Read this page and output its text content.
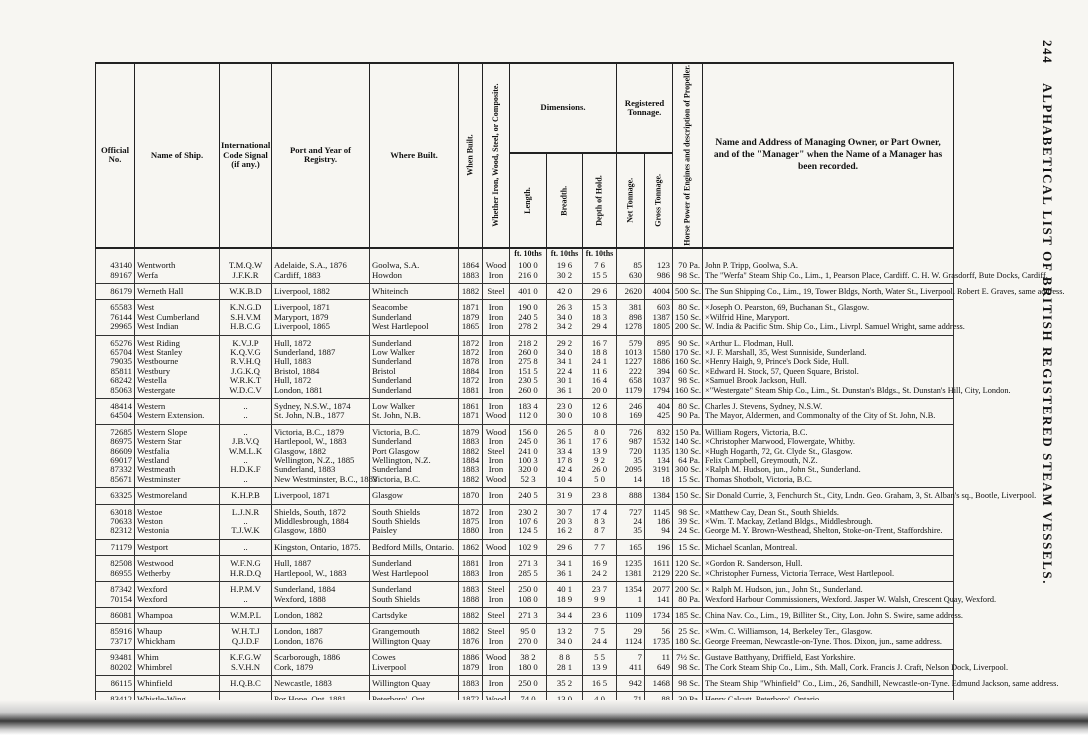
244 ALPHABETICAL LIST OF BRITISH REGISTERED STEAM VESSELS.
Official No.	Name of Ship.	International Code Signal (if any.)	Port and Year of Registry.	Where Built.	When Built.	Whether Iron, Wood, Steel, or Composite.	Dimensions.			Registered Tonnage.		Horse Power of Engines and description of Propeller.	Name and Address of Managing Owner, or Part Owner, and of the "Manager" when the Name of a Manager has been recorded.
							Length.	Breadth.	Depth of Hold.	Net Tonnage.	Gross Tonnage.		
							ft. 10ths	ft. 10ths	ft. 10ths				
43140	Wentworth	T.M.Q.W	Adelaide, S.A., 1876	Goolwa, S.A.	1864	Wood	100 0	19 6	7 6	85	123	70 Pa.	John P. Tripp, Goolwa, S.A.
89167	Werfa	J.F.K.R	Cardiff, 1883	Howdon	1883	Iron	216 0	30 2	15 5	630	986	98 Sc.	The "Werfa" Steam Ship Co., Lim., 1, Pearson Place, Cardiff. C. H. W. Grasdorff, Bute Docks, Cardiff.
86179	Werneth Hall	W.K.B.D	Liverpool, 1882	Whiteinch	1882	Steel	401 0	42 0	29 6	2620	4004	500 Sc.	The Sun Shipping Co., Lim., 19, Tower Bldgs, North, Water St., Liverpool. Robert E. Graves, same address.
65583	West	K.N.G.D	Liverpool, 1871	Seacombe	1871	Iron	190 0	26 3	15 3	381	603	80 Sc.	×Joseph O. Pearston, 69, Buchanan St., Glasgow.
76144	West Cumberland	S.H.V.M	Maryport, 1879	Sunderland	1879	Iron	240 5	34 0	18 3	898	1387	150 Sc.	×Wilfrid Hine, Maryport.
29965	West Indian	H.B.C.G	Liverpool, 1865	West Hartlepool	1865	Iron	278 2	34 2	29 4	1278	1805	200 Sc.	W. India & Pacific Stm. Ship Co., Lim., Livrpl. Samuel Wright, same address.
65276	West Riding	K.V.J.P	Hull, 1872	Sunderland	1872	Iron	218 2	29 2	16 7	579	895	90 Sc.	×Arthur L. Flodman, Hull.
65704	West Stanley	K.Q.V.G	Sunderland, 1887	Low Walker	1872	Iron	260 0	34 0	18 8	1013	1580	170 Sc.	×J. F. Marshall, 35, West Sunniside, Sunderland.
79035	Westbourne	R.V.H.Q	Hull, 1883	Sunderland	1878	Iron	275 8	34 1	24 1	1227	1886	160 Sc.	×Henry Haigh, 9, Prince's Dock Side, Hull.
85811	Westbury	J.G.K.Q	Bristol, 1884	Bristol	1884	Iron	151 5	22 4	11 6	222	394	60 Sc.	×Edward H. Stock, 57, Queen Square, Bristol.
68242	Westella	W.R.K.T	Hull, 1872	Sunderland	1872	Iron	230 5	30 1	16 4	658	1037	98 Sc.	×Samuel Brook Jackson, Hull.
85063	Westergate	W.D.C.V	London, 1881	Sunderland	1881	Iron	260 0	36 1	20 0	1179	1794	160 Sc.	×"Westergate" Steam Ship Co., Lim., St. Dunstan's Bldgs., St. Dunstan's Hill, City, London.
48414	Western	..	Sydney, N.S.W., 1874	Low Walker	1861	Iron	183 4	23 0	12 6	246	404	80 Sc.	Charles J. Stevens, Sydney, N.S.W.
64504	Western Extension.	..	St. John, N.B., 1877	St. John, N.B.	1871	Wood	112 0	30 0	10 8	169	425	90 Pa.	The Mayor, Aldermen, and Commonalty of the City of St. John, N.B.
72685	Western Slope	..	Victoria, B.C., 1879	Victoria, B.C.	1879	Wood	156 0	26 5	8 0	726	832	150 Pa.	William Rogers, Victoria, B.C.
86975	Western Star	J.B.V.Q	Hartlepool, W., 1883	Sunderland	1883	Iron	245 0	36 1	17 6	987	1532	140 Sc.	×Christopher Marwood, Flowergate, Whitby.
86609	Westfalia	W.M.L.K	Glasgow, 1882	Port Glasgow	1882	Steel	241 0	33 4	13 9	720	1135	130 Sc.	×Hugh Hogarth, 72, Gt. Clyde St., Glasgow.
69017	Westland	..	Wellington, N.Z., 1885	Wellington, N.Z.	1884	Iron	100 3	17 8	9 2	35	134	64 Pa.	Felix Campbell, Greymouth, N.Z.
87332	Westmeath	H.D.K.F	Sunderland, 1883	Sunderland	1883	Iron	320 0	42 4	26 0	2095	3191	300 Sc.	×Ralph M. Hudson, jun., John St., Sunderland.
85671	Westminster	..	New Westminster, B.C., 1883	Victoria, B.C.	1882	Wood	52 3	10 4	5 0	14	18	15 Sc.	Thomas Shotbolt, Victoria, B.C.
63325	Westmoreland	K.H.P.B	Liverpool, 1871	Glasgow	1870	Iron	240 5	31 9	23 8	888	1384	150 Sc.	Sir Donald Currie, 3, Fenchurch St., City, Lndn. Geo. Graham, 3, St. Alban's sq., Bootle, Liverpool.
63018	Westoe	L.J.N.R	Shields, South, 1872	South Shields	1872	Iron	230 2	30 7	17 4	727	1145	98 Sc.	×Matthew Cay, Dean St., South Shields.
70633	Weston	..	Middlesbrough, 1884	South Shields	1875	Iron	107 6	20 3	8 3	24	186	39 Sc.	×Wm. T. Mackay, Zetland Bldgs., Middlesbrough.
82312	Westonia	T.J.W.K	Glasgow, 1880	Paisley	1880	Iron	124 5	16 2	8 7	35	94	24 Sc.	George M. Y. Brown-Westhead, Shelton, Stoke-on-Trent, Staffordshire.
71179	Westport	..	Kingston, Ontario, 1875.	Bedford Mills, Ontario.	1862	Wood	102 9	29 6	7 7	165	196	15 Sc.	Michael Scanlan, Montreal.
82508	Westwood	W.F.N.G	Hull, 1887	Sunderland	1881	Iron	271 3	34 1	16 9	1235	1611	120 Sc.	×Gordon R. Sanderson, Hull.
86955	Wetherby	H.R.D.Q	Hartlepool, W., 1883	West Hartlepool	1883	Iron	285 5	36 1	24 2	1381	2129	220 Sc.	×Christopher Furness, Victoria Terrace, West Hartlepool.
87342	Wexford	H.P.M.V	Sunderland, 1884	Sunderland	1883	Steel	250 0	40 1	23 7	1354	2077	200 Sc.	× Ralph M. Hudson, jun., John St., Sunderland.
70154	Wexford	..	Wexford, 1888	South Shields	1888	Iron	108 0	18 9	9 9	1	141	80 Pa.	Wexford Harbour Commissioners, Wexford. Jasper W. Walsh, Crescent Quay, Wexford.
86081	Whampoa	W.M.P.L	London, 1882	Cartsdyke	1882	Steel	271 3	34 4	23 6	1109	1734	185 Sc.	China Nav. Co., Lim., 19, Billiter St., City, Lon. John S. Swire, same address.
85916	Whaup	W.H.T.J	London, 1887	Grangemouth	1882	Steel	95 0	13 2	7 5	29	56	25 Sc.	×Wm. C. Williamson, 14, Berkeley Ter., Glasgow.
73717	Whickham	Q.J.D.F	London, 1876	Willington Quay	1876	Iron	270 0	34 0	24 4	1124	1735	180 Sc.	George Freeman, Newcastle-on-Tyne. Thos. Dixon, jun., same address.
93481	Whim	K.F.G.W	Scarborough, 1886	Cowes	1886	Wood	38 2	8 8	5 5	7	11	7½ Sc.	Gustave Batthyany, Driffield, East Yorkshire.
80202	Whimbrel	S.V.H.N	Cork, 1879	Liverpool	1879	Iron	180 0	28 1	13 9	411	649	98 Sc.	The Cork Steam Ship Co., Lim., Sth. Mall, Cork. Francis J. Craft, Nelson Dock, Liverpool.
86115	Whinfield	H.Q.B.C	Newcastle, 1883	Willington Quay	1883	Iron	250 0	35 2	16 5	942	1468	98 Sc.	The Steam Ship "Whinfield" Co., Lim., 26, Sandhill, Newcastle-on-Tyne. Edmund Jackson, same address.
